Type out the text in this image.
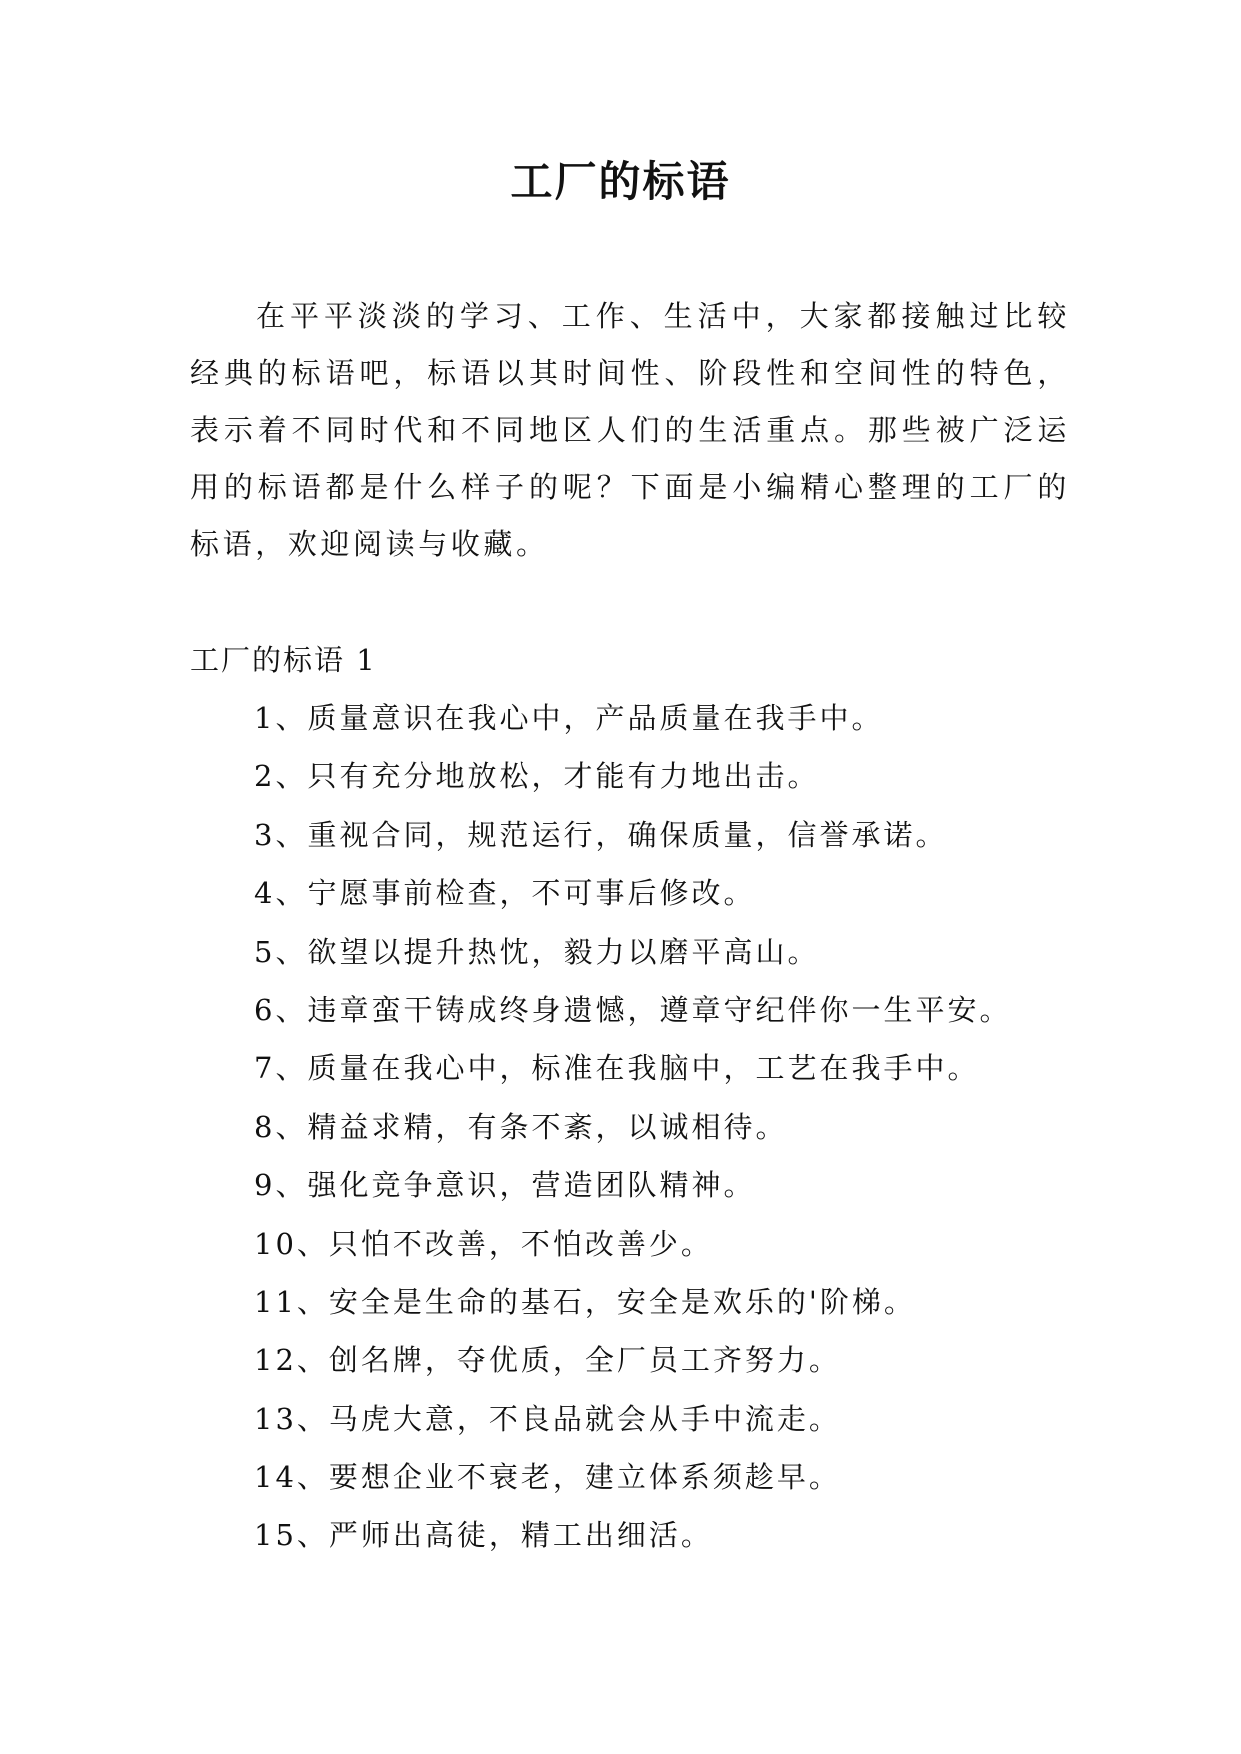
工厂的标语

在平平淡淡的学习、工作、生活中，大家都接触过比较经典的标语吧，标语以其时间性、阶段性和空间性的特色，表示着不同时代和不同地区人们的生活重点。那些被广泛运用的标语都是什么样子的呢？下面是小编精心整理的工厂的标语，欢迎阅读与收藏。

工厂的标语 1
1、质量意识在我心中，产品质量在我手中。
2、只有充分地放松，才能有力地出击。
3、重视合同，规范运行，确保质量，信誉承诺。
4、宁愿事前检查，不可事后修改。
5、欲望以提升热忱，毅力以磨平高山。
6、违章蛮干铸成终身遗憾，遵章守纪伴你一生平安。
7、质量在我心中，标准在我脑中，工艺在我手中。
8、精益求精，有条不紊，以诚相待。
9、强化竞争意识，营造团队精神。
10、只怕不改善，不怕改善少。
11、安全是生命的基石，安全是欢乐的'阶梯。
12、创名牌，夺优质，全厂员工齐努力。
13、马虎大意，不良品就会从手中流走。
14、要想企业不衰老，建立体系须趁早。
15、严师出高徒，精工出细活。
